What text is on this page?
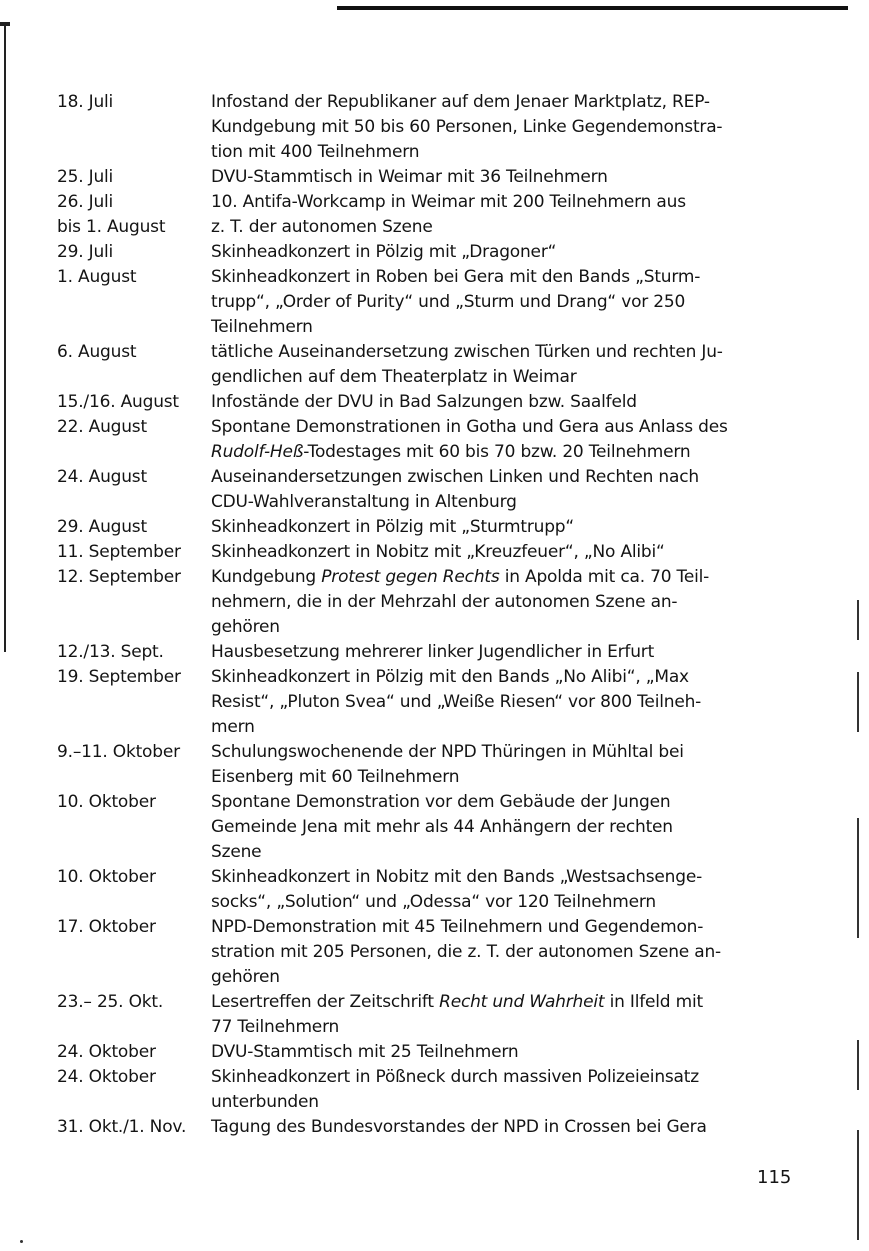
18. Juli	Infostand der Republikaner auf dem Jenaer Marktplatz, REP-
Kundgebung mit 50 bis 60 Personen, Linke Gegendemonstra-
tion mit 400 Teilnehmern
25. Juli	DVU-Stammtisch in Weimar mit 36 Teilnehmern
26. Juli	10. Antifa-Workcamp in Weimar mit 200 Teilnehmern aus
bis 1. August	z. T. der autonomen Szene
29. Juli	Skinheadkonzert in Pölzig mit „Dragoner“
1. August	Skinheadkonzert in Roben bei Gera mit den Bands „Sturm-
trupp“, „Order of Purity“ und „Sturm und Drang“ vor 250
Teilnehmern
6. August	tätliche Auseinandersetzung zwischen Türken und rechten Ju-
gendlichen auf dem Theaterplatz in Weimar
15./16. August	Infostände der DVU in Bad Salzungen bzw. Saalfeld
22. August	Spontane Demonstrationen in Gotha und Gera aus Anlass des
Rudolf-Heß-Todestages mit 60 bis 70 bzw. 20 Teilnehmern
24. August	Auseinandersetzungen zwischen Linken und Rechten nach
CDU-Wahlveranstaltung in Altenburg
29. August	Skinheadkonzert in Pölzig mit „Sturmtrupp“
11. September	Skinheadkonzert in Nobitz mit „Kreuzfeuer“, „No Alibi“
12. September	Kundgebung Protest gegen Rechts in Apolda mit ca. 70 Teil-
nehmern, die in der Mehrzahl der autonomen Szene an-
gehören
12./13. Sept.	Hausbesetzung mehrerer linker Jugendlicher in Erfurt
19. September	Skinheadkonzert in Pölzig mit den Bands „No Alibi“, „Max
Resist“, „Pluton Svea“ und „Weiße Riesen“ vor 800 Teilneh-
mern
9.–11. Oktober	Schulungswochenende der NPD Thüringen in Mühltal bei
Eisenberg mit 60 Teilnehmern
10. Oktober	Spontane Demonstration vor dem Gebäude der Jungen
Gemeinde Jena mit mehr als 44 Anhängern der rechten
Szene
10. Oktober	Skinheadkonzert in Nobitz mit den Bands „Westsachsenge-
socks“, „Solution“ und „Odessa“ vor 120 Teilnehmern
17. Oktober	NPD-Demonstration mit 45 Teilnehmern und Gegendemon-
stration mit 205 Personen, die z. T. der autonomen Szene an-
gehören
23.– 25. Okt.	Lesertreffen der Zeitschrift Recht und Wahrheit in Ilfeld mit
77 Teilnehmern
24. Oktober	DVU-Stammtisch mit 25 Teilnehmern
24. Oktober	Skinheadkonzert in Pößneck durch massiven Polizeieinsatz
unterbunden
31. Okt./1. Nov.	Tagung des Bundesvorstandes der NPD in Crossen bei Gera
115
